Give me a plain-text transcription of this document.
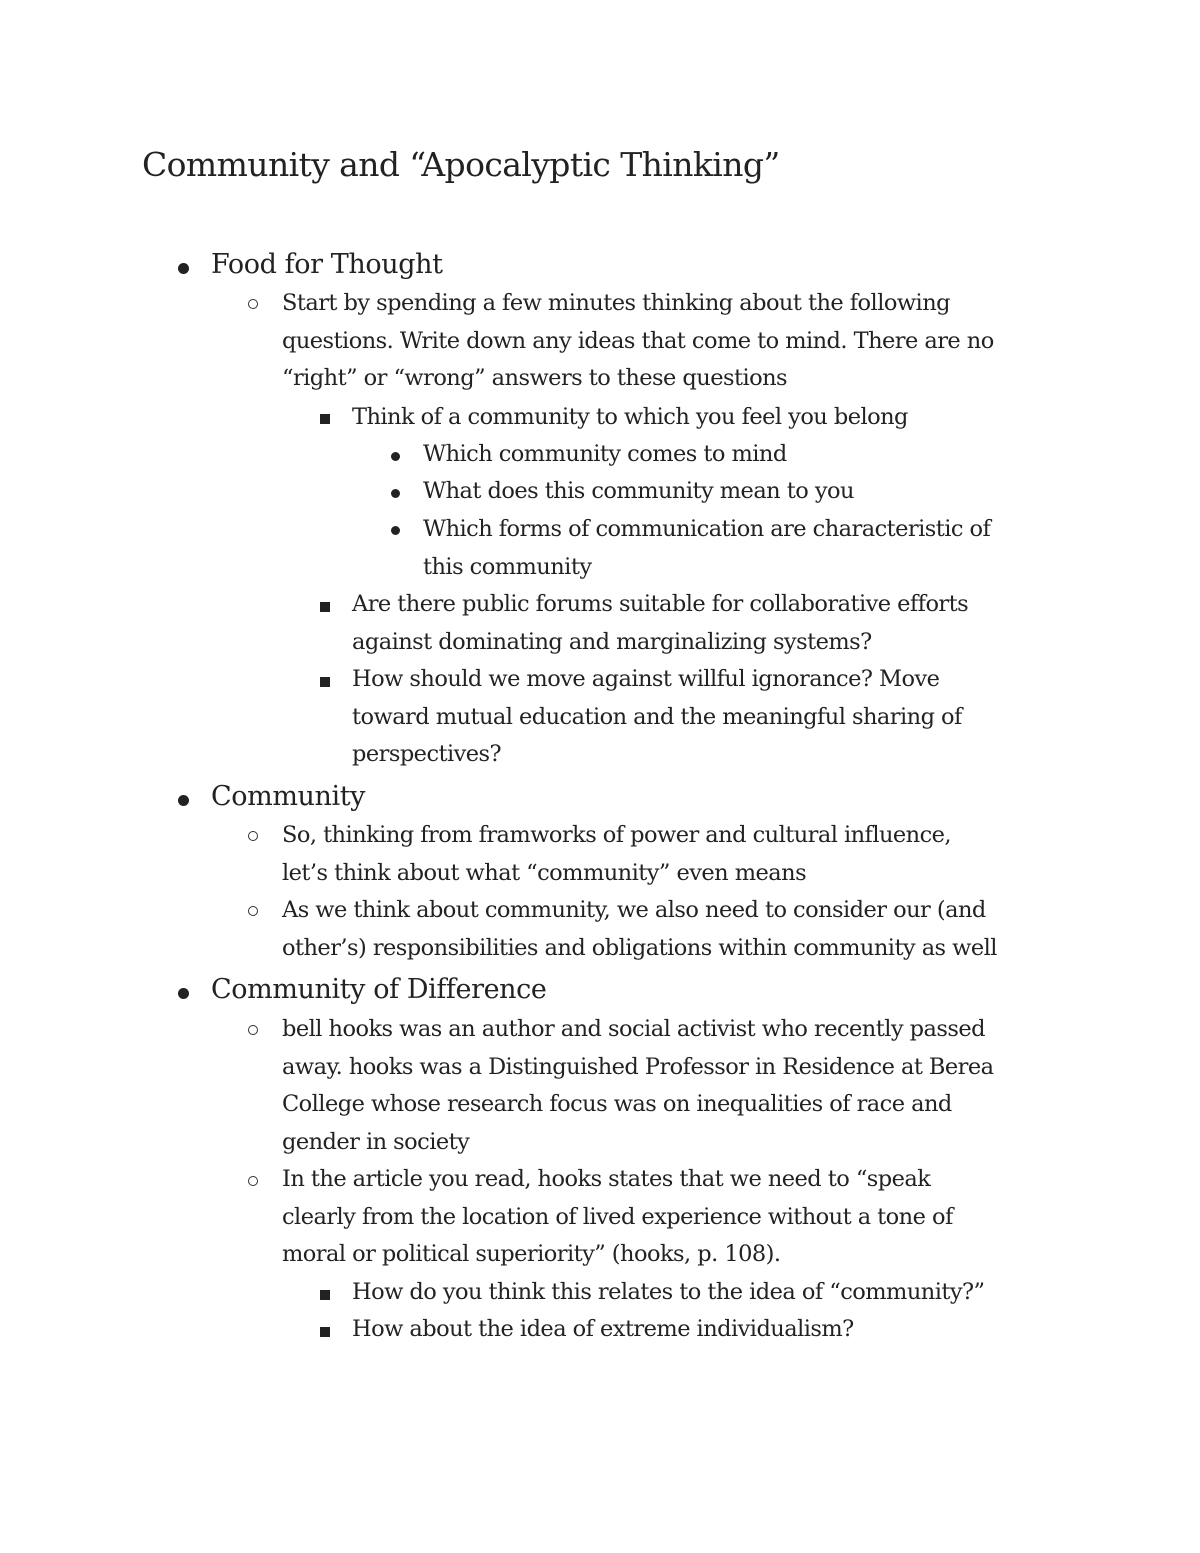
Community and “Apocalyptic Thinking”
Food for Thought
Start by spending a few minutes thinking about the following
questions. Write down any ideas that come to mind. There are no
“right” or “wrong” answers to these questions
Think of a community to which you feel you belong
Which community comes to mind
What does this community mean to you
Which forms of communication are characteristic of
this community
Are there public forums suitable for collaborative efforts
against dominating and marginalizing systems?
How should we move against willful ignorance? Move
toward mutual education and the meaningful sharing of
perspectives?
Community
So, thinking from framworks of power and cultural influence,
let’s think about what “community” even means
As we think about community, we also need to consider our (and
other’s) responsibilities and obligations within community as well
Community of Difference
bell hooks was an author and social activist who recently passed
away. hooks was a Distinguished Professor in Residence at Berea
College whose research focus was on inequalities of race and
gender in society
In the article you read, hooks states that we need to “speak
clearly from the location of lived experience without a tone of
moral or political superiority” (hooks, p. 108).
How do you think this relates to the idea of “community?”
How about the idea of extreme individualism?
